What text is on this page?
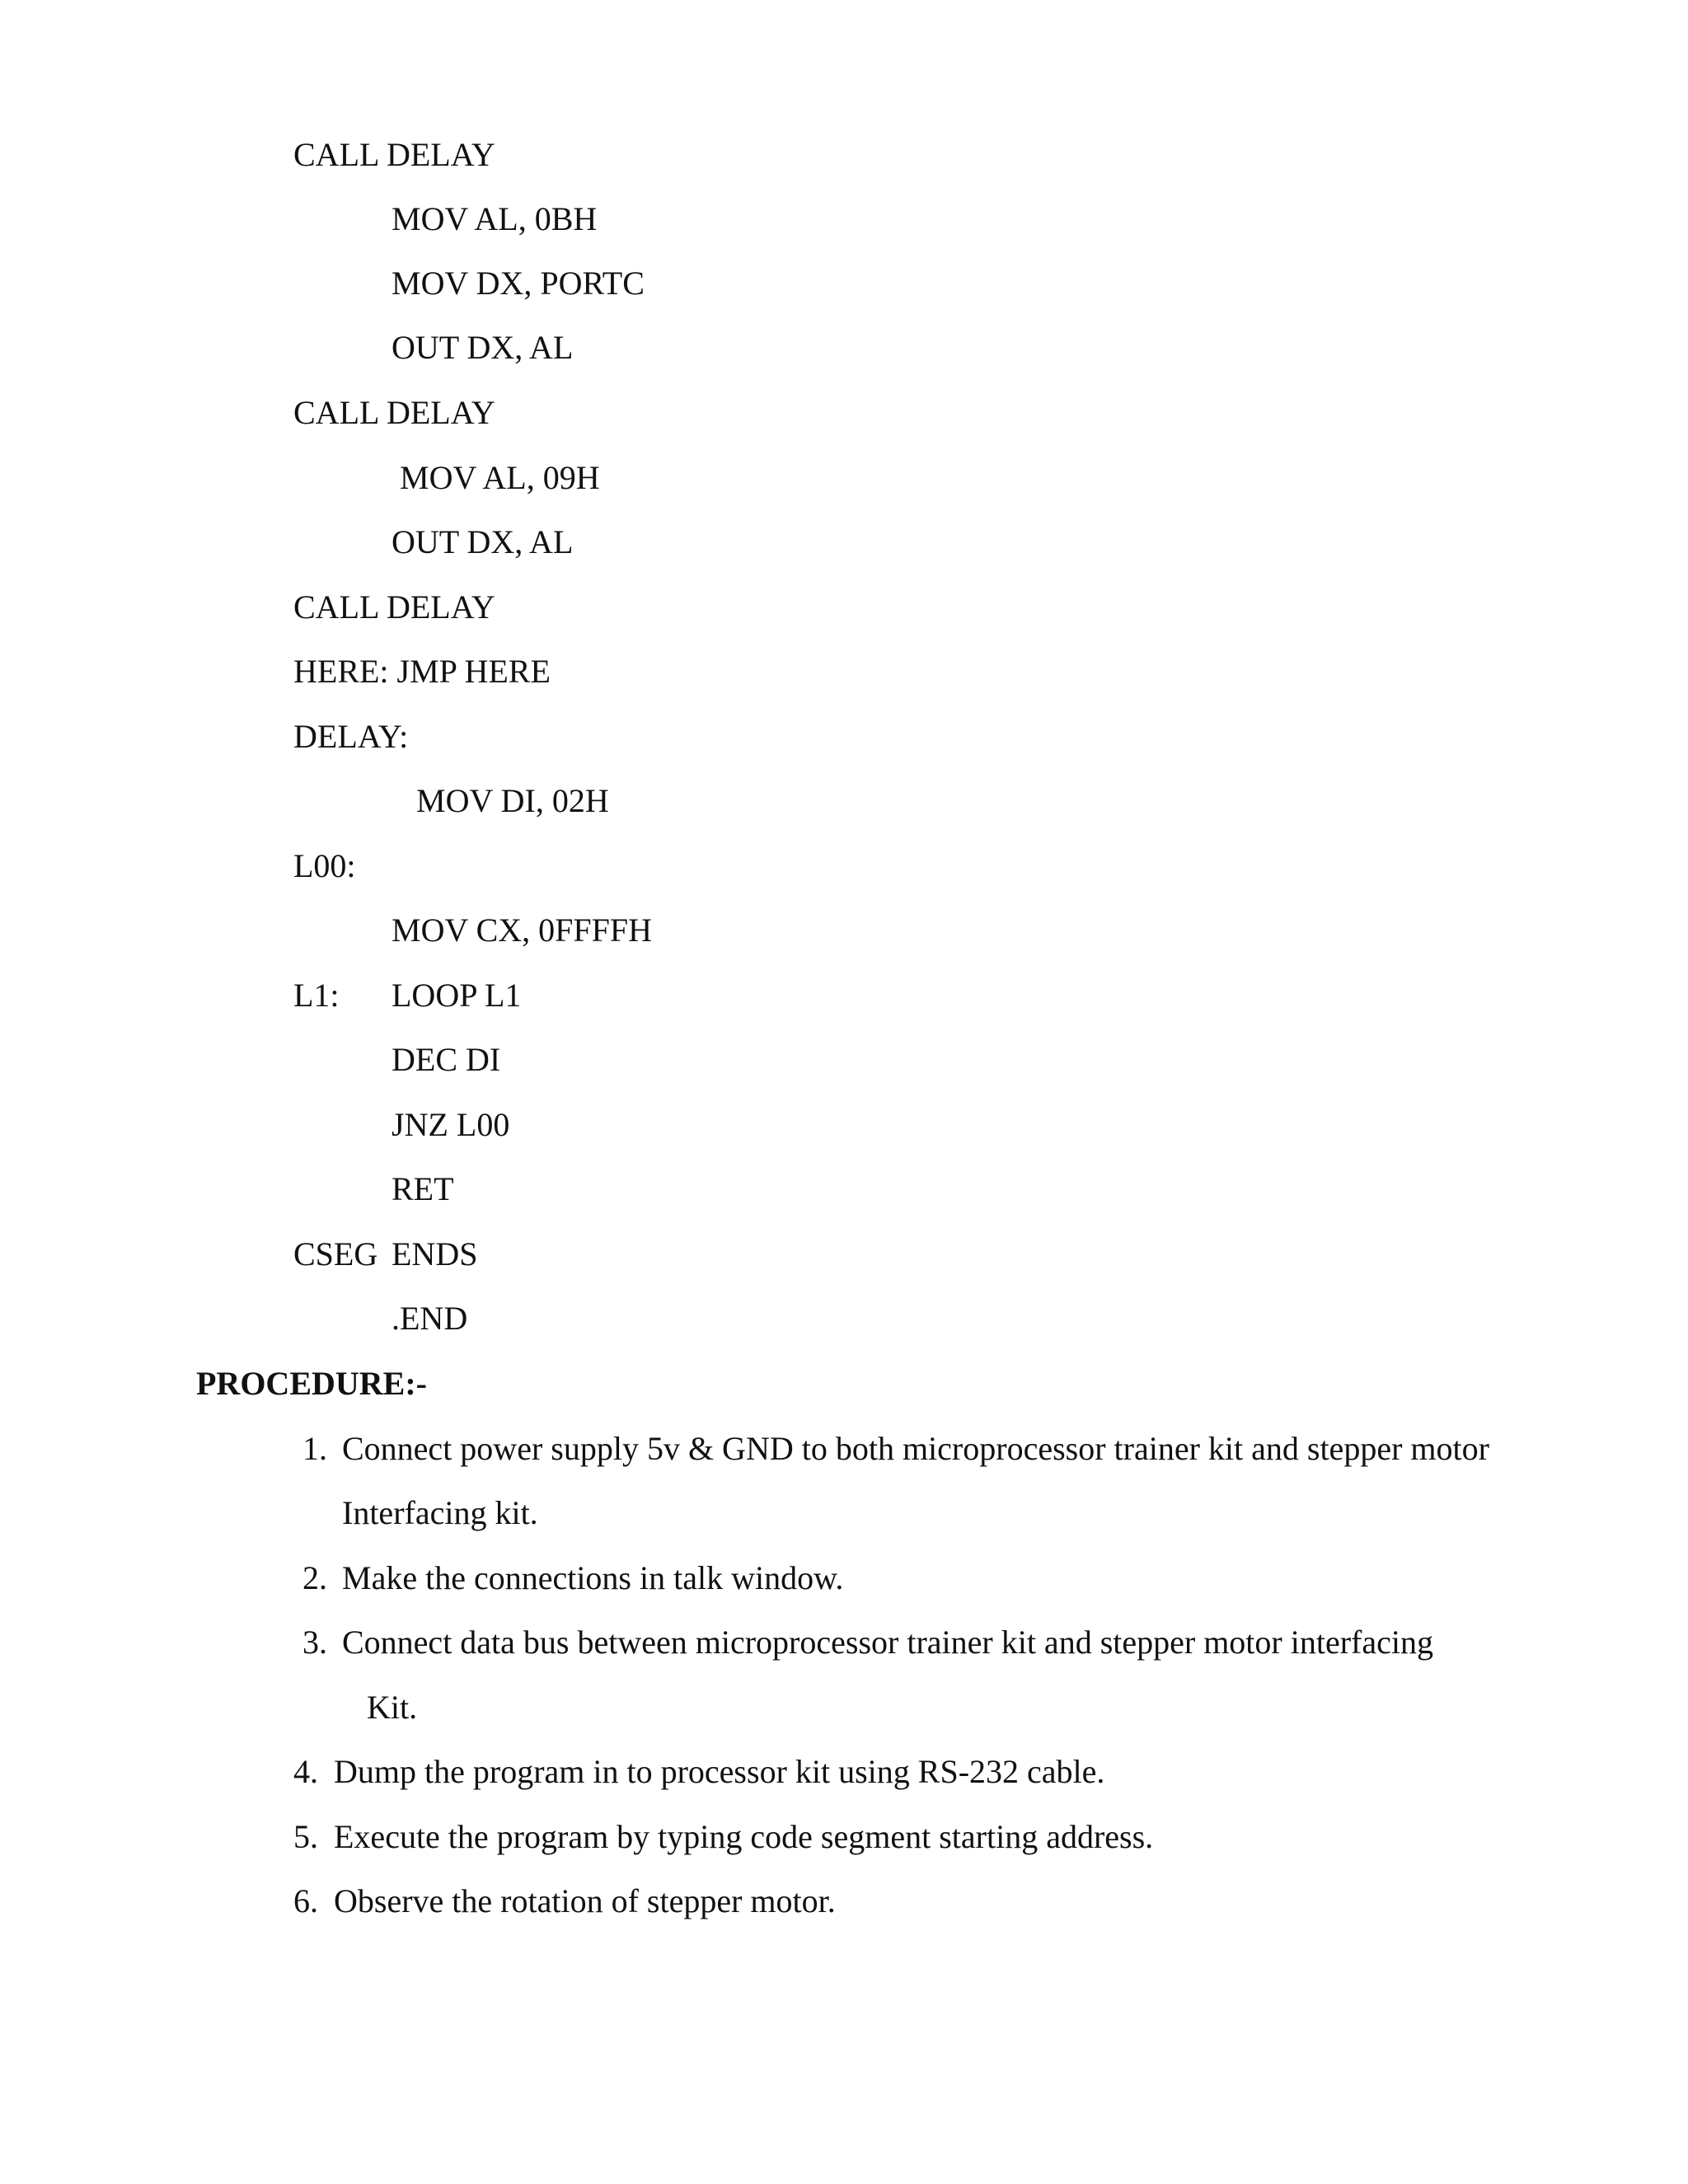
CALL DELAY
MOV AL, 0BH
MOV DX, PORTC
OUT DX, AL
CALL DELAY
MOV AL, 09H
OUT DX, AL
CALL DELAY
HERE: JMP HERE
DELAY:
MOV DI, 02H
L00:
MOV CX, 0FFFFH
L1: LOOP L1
DEC DI
JNZ L00
RET
CSEG ENDS
.END
PROCEDURE:-
1. Connect power supply 5v & GND to both microprocessor trainer kit and stepper motor
Interfacing kit.
2. Make the connections in talk window.
3. Connect data bus between microprocessor trainer kit and stepper motor interfacing
Kit.
4. Dump the program in to processor kit using RS-232 cable.
5. Execute the program by typing code segment starting address.
6. Observe the rotation of stepper motor.
